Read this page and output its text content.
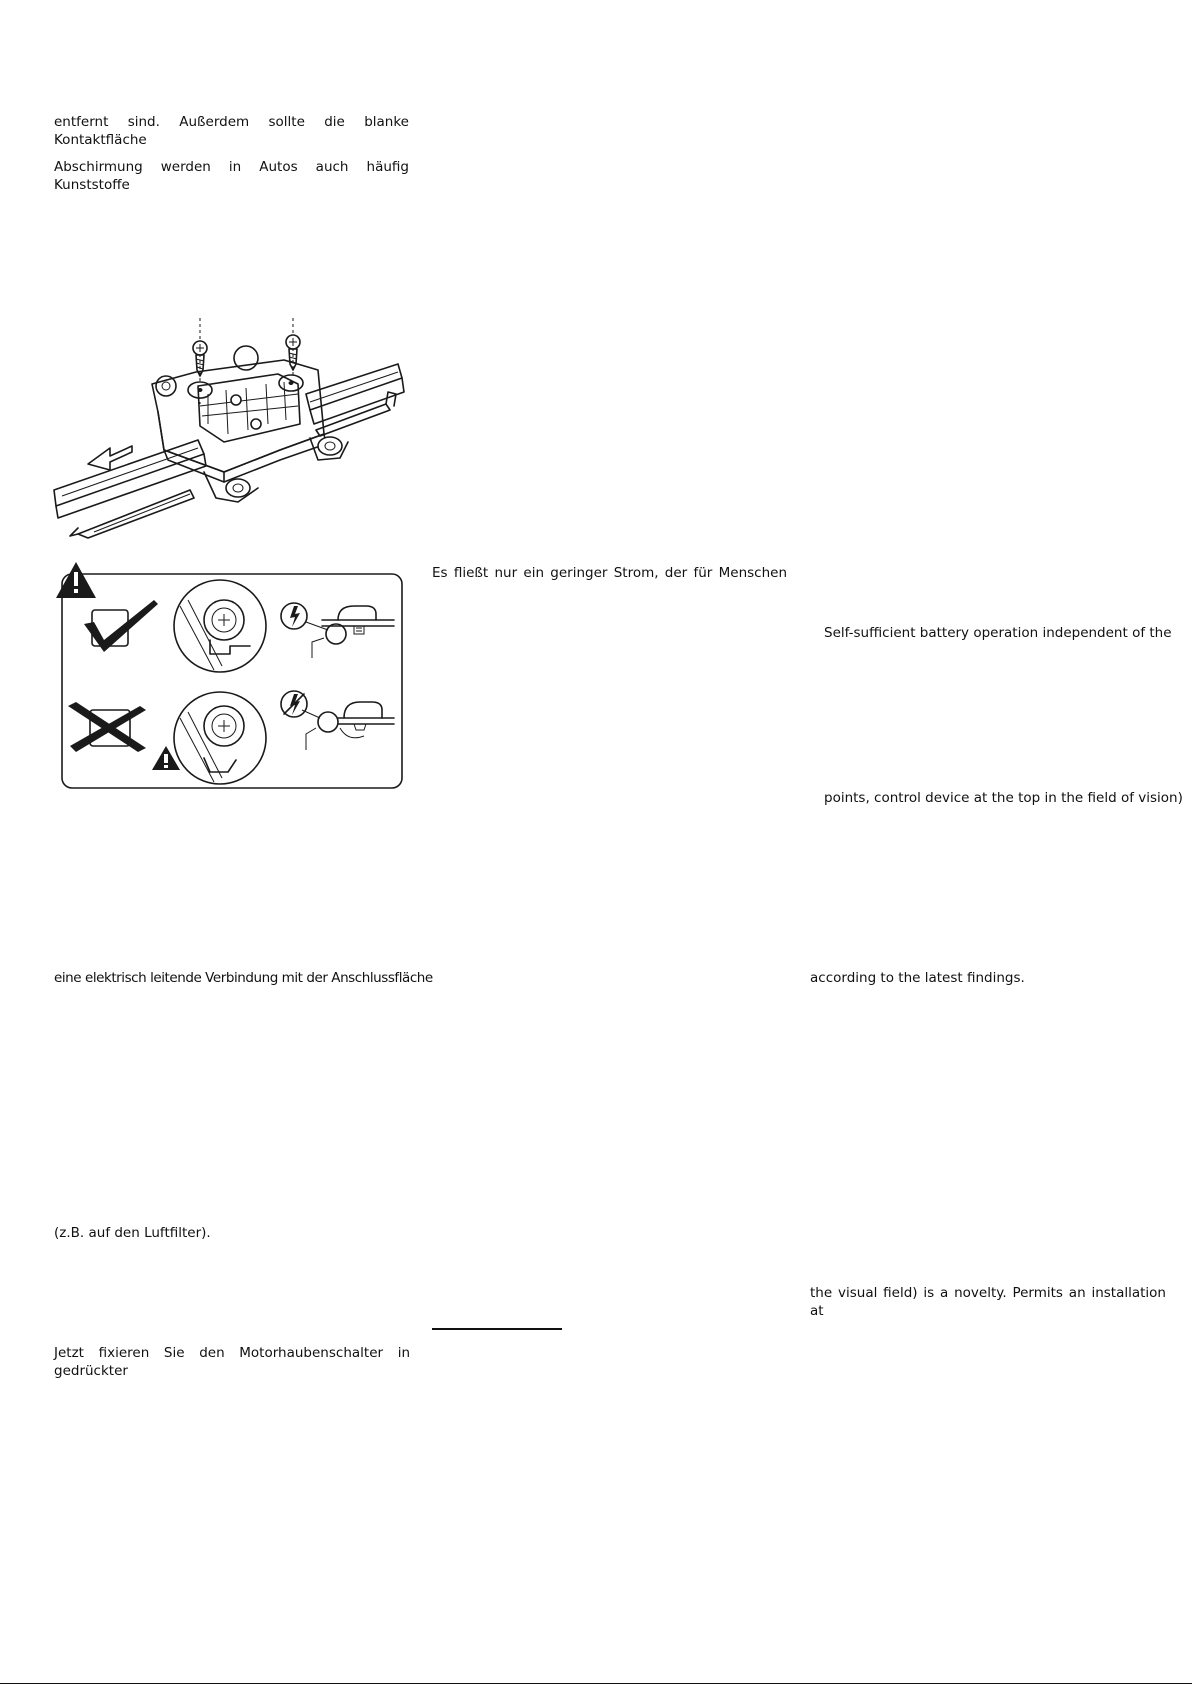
entfernt sind. Außerdem sollte die blanke Kontaktfläche
Abschirmung werden in Autos auch häufig Kunststoffe
Es fließt nur ein geringer Strom, der für Menschen
Self-sufficient battery operation independent of the
points, control device at the top in the field of vision)
eine elektrisch leitende Verbindung mit der Anschlussfläche	according to the latest findings.
(z.B. auf den Luftfilter).
the visual field) is a novelty. Permits an installation at
Jetzt fixieren Sie den Motorhaubenschalter in gedrückter
